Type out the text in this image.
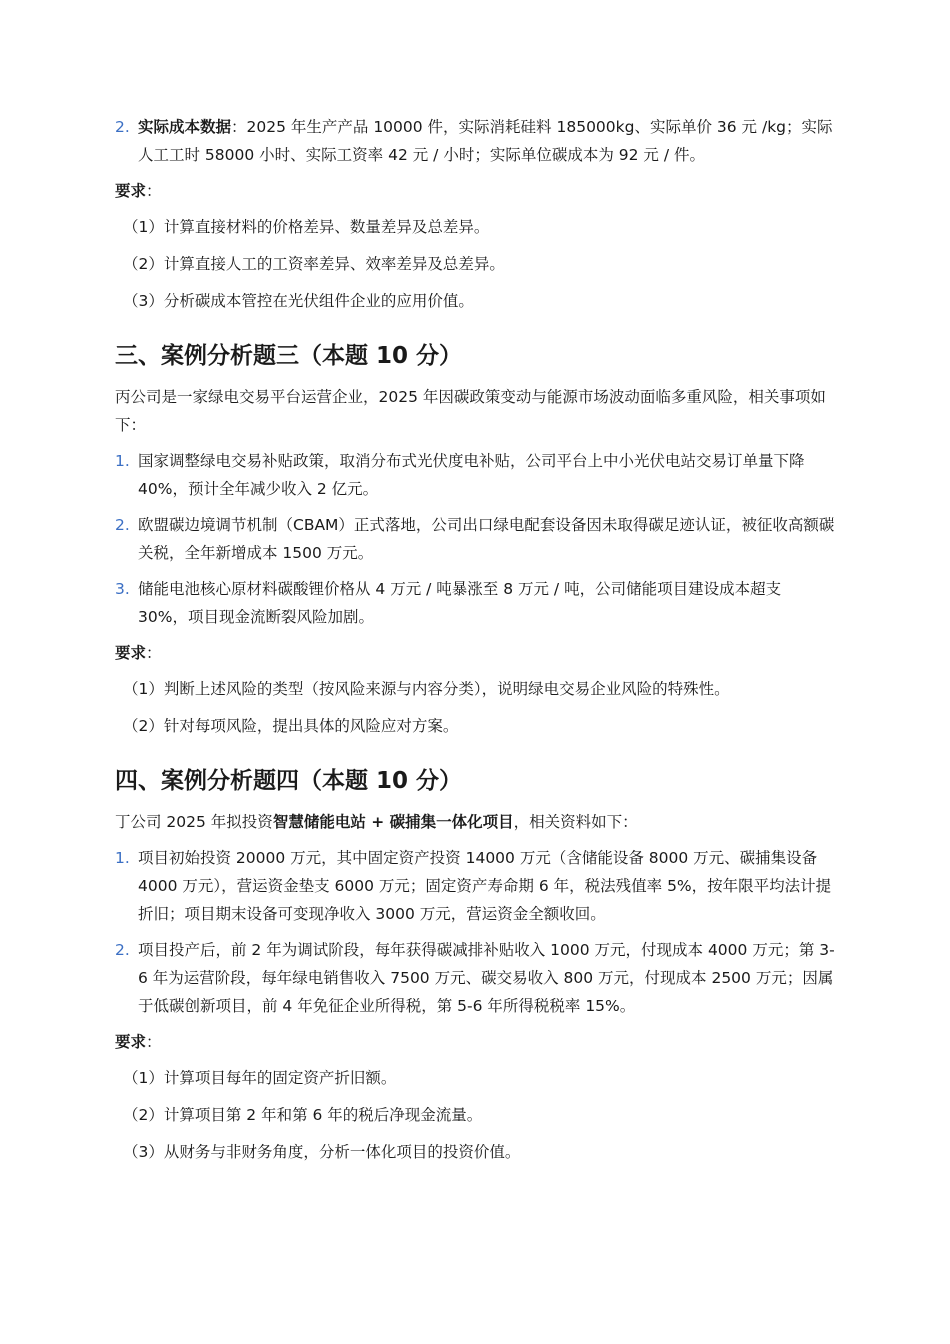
2. 实际成本数据：2025 年生产产品 10000 件，实际消耗硅料 185000kg、实际单价 36 元 /kg；实际人工工时 58000 小时、实际工资率 42 元 / 小时；实际单位碳成本为 92 元 / 件。
要求：
（1）计算直接材料的价格差异、数量差异及总差异。
（2）计算直接人工的工资率差异、效率差异及总差异。
（3）分析碳成本管控在光伏组件企业的应用价值。
三、案例分析题三（本题 10 分）
丙公司是一家绿电交易平台运营企业，2025 年因碳政策变动与能源市场波动面临多重风险，相关事项如下：
1. 国家调整绿电交易补贴政策，取消分布式光伏度电补贴，公司平台上中小光伏电站交易订单量下降 40%，预计全年减少收入 2 亿元。
2. 欧盟碳边境调节机制（CBAM）正式落地，公司出口绿电配套设备因未取得碳足迹认证，被征收高额碳关税，全年新增成本 1500 万元。
3. 储能电池核心原材料碳酸锂价格从 4 万元 / 吨暴涨至 8 万元 / 吨，公司储能项目建设成本超支 30%，项目现金流断裂风险加剧。
要求：
（1）判断上述风险的类型（按风险来源与内容分类），说明绿电交易企业风险的特殊性。
（2）针对每项风险，提出具体的风险应对方案。
四、案例分析题四（本题 10 分）
丁公司 2025 年拟投资智慧储能电站 + 碳捕集一体化项目，相关资料如下：
1. 项目初始投资 20000 万元，其中固定资产投资 14000 万元（含储能设备 8000 万元、碳捕集设备 4000 万元），营运资金垫支 6000 万元；固定资产寿命期 6 年，税法残值率 5%，按年限平均法计提折旧；项目期末设备可变现净收入 3000 万元，营运资金全额收回。
2. 项目投产后，前 2 年为调试阶段，每年获得碳减排补贴收入 1000 万元，付现成本 4000 万元；第 3-6 年为运营阶段，每年绿电销售收入 7500 万元、碳交易收入 800 万元，付现成本 2500 万元；因属于低碳创新项目，前 4 年免征企业所得税，第 5-6 年所得税税率 15%。
要求：
（1）计算项目每年的固定资产折旧额。
（2）计算项目第 2 年和第 6 年的税后净现金流量。
（3）从财务与非财务角度，分析一体化项目的投资价值。
